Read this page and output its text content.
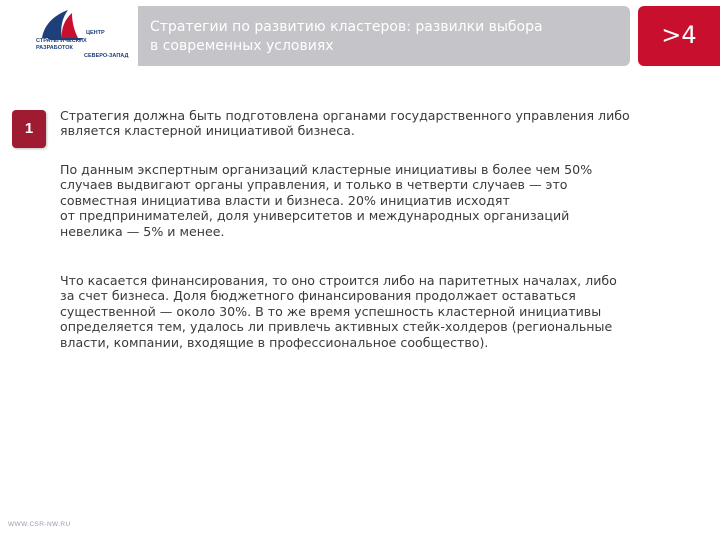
ЦЕНТР
СТРАТЕГИЧЕСКИХ
РАЗРАБОТОК
СЕВЕРО-ЗАПАД
Стратегии по развитию кластеров: развилки выбора
в современных условиях	>4
1
Стратегия должна быть подготовлена органами государственного управления либо
является кластерной инициативой бизнеса.
По данным экспертным организаций кластерные инициативы в более чем 50%
случаев выдвигают органы управления, и только в четверти случаев — это
совместная инициатива власти и бизнеса. 20% инициатив исходят
от предпринимателей, доля университетов и международных организаций
невелика — 5% и менее.
Что касается финансирования, то оно строится либо на паритетных началах, либо
за счет бизнеса. Доля бюджетного финансирования продолжает оставаться
существенной — около 30%. В то же время успешность кластерной инициативы
определяется тем, удалось ли привлечь активных стейк-холдеров (региональные
власти, компании, входящие в профессиональное сообщество).
WWW.CSR-NW.RU
